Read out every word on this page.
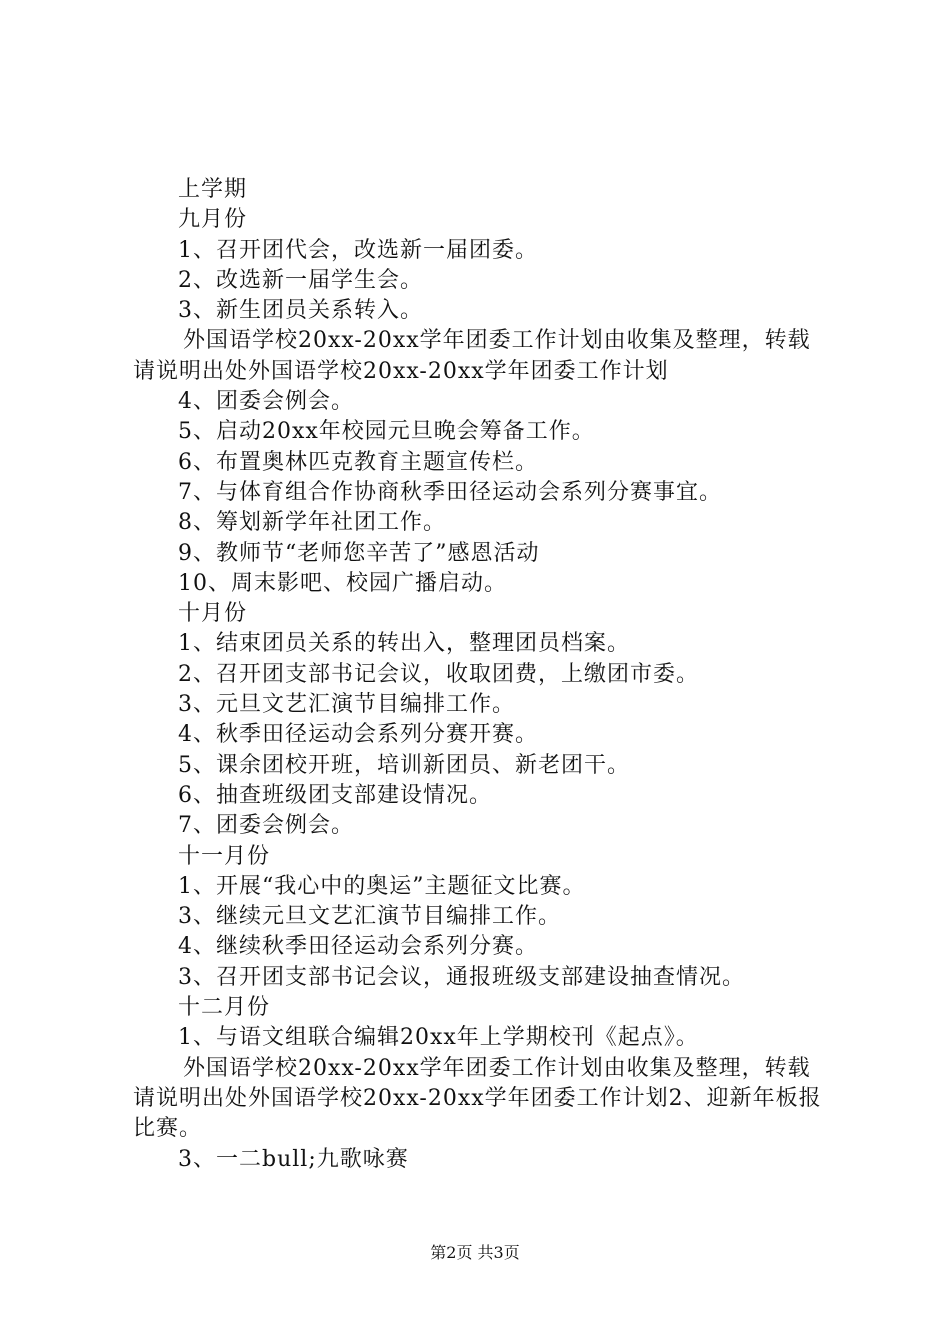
上学期
九月份
1、召开团代会，改选新一届团委。
2、改选新一届学生会。
3、新生团员关系转入。
外国语学校20xx-20xx学年团委工作计划由收集及整理，转载请说明出处外国语学校20xx-20xx学年团委工作计划
4、团委会例会。
5、启动20xx年校园元旦晚会筹备工作。
6、布置奥林匹克教育主题宣传栏。
7、与体育组合作协商秋季田径运动会系列分赛事宜。
8、筹划新学年社团工作。
9、教师节“老师您辛苦了”感恩活动
10、周末影吧、校园广播启动。
十月份
1、结束团员关系的转出入，整理团员档案。
2、召开团支部书记会议，收取团费，上缴团市委。
3、元旦文艺汇演节目编排工作。
4、秋季田径运动会系列分赛开赛。
5、课余团校开班，培训新团员、新老团干。
6、抽查班级团支部建设情况。
7、团委会例会。
十一月份
1、开展“我心中的奥运”主题征文比赛。
3、继续元旦文艺汇演节目编排工作。
4、继续秋季田径运动会系列分赛。
3、召开团支部书记会议，通报班级支部建设抽查情况。
十二月份
1、与语文组联合编辑20xx年上学期校刊《起点》。
外国语学校20xx-20xx学年团委工作计划由收集及整理，转载请说明出处外国语学校20xx-20xx学年团委工作计划2、迎新年板报比赛。
3、一二bull;九歌咏赛
第2页 共3页
